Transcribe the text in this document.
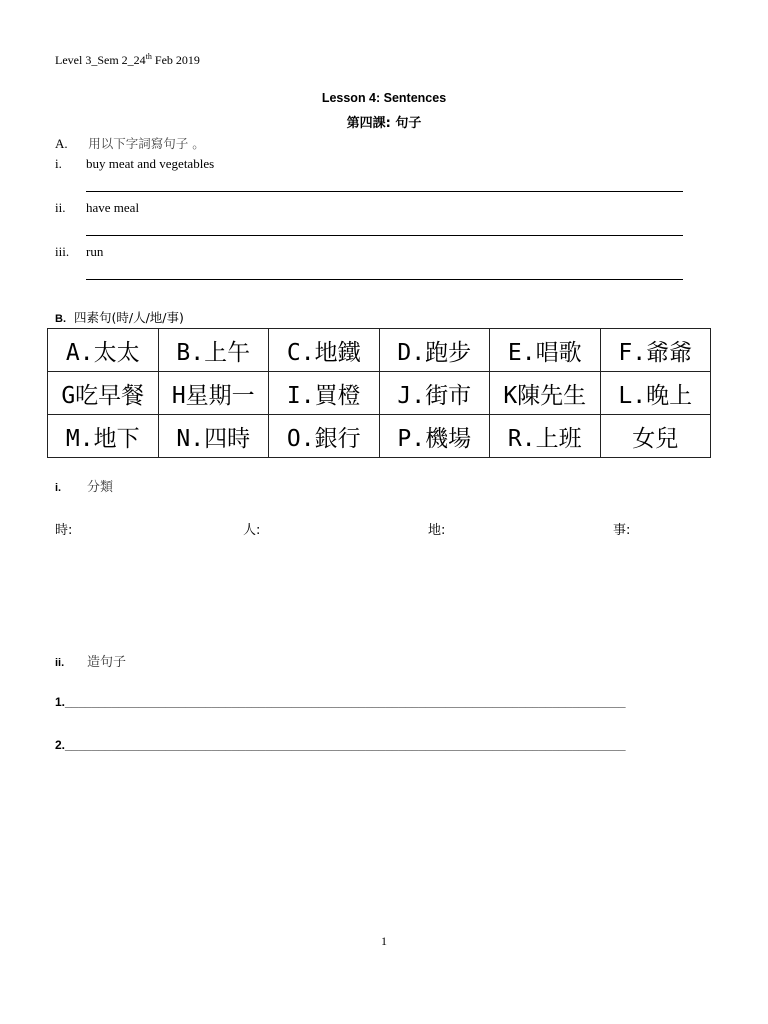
Level 3_Sem 2_24th Feb 2019
Lesson 4: Sentences
第四課: 句子
A. 用以下字詞寫句子 。
i. buy meat and vegetables
ii. have meal
iii. run
B. 四素句(時/人/地/事)
A.太太	B.上午	C.地鐵	D.跑步	E.唱歌	F.爺爺
G吃早餐	H星期一	I.買橙	J.街市	K陳先生	L.晚上
M.地下	N.四時	O.銀行	P.機場	R.上班	女兒
i. 分類
時:	人:	地:	事:
ii. 造句子
1.____________________________________________________________________________________
2.____________________________________________________________________________________
1
